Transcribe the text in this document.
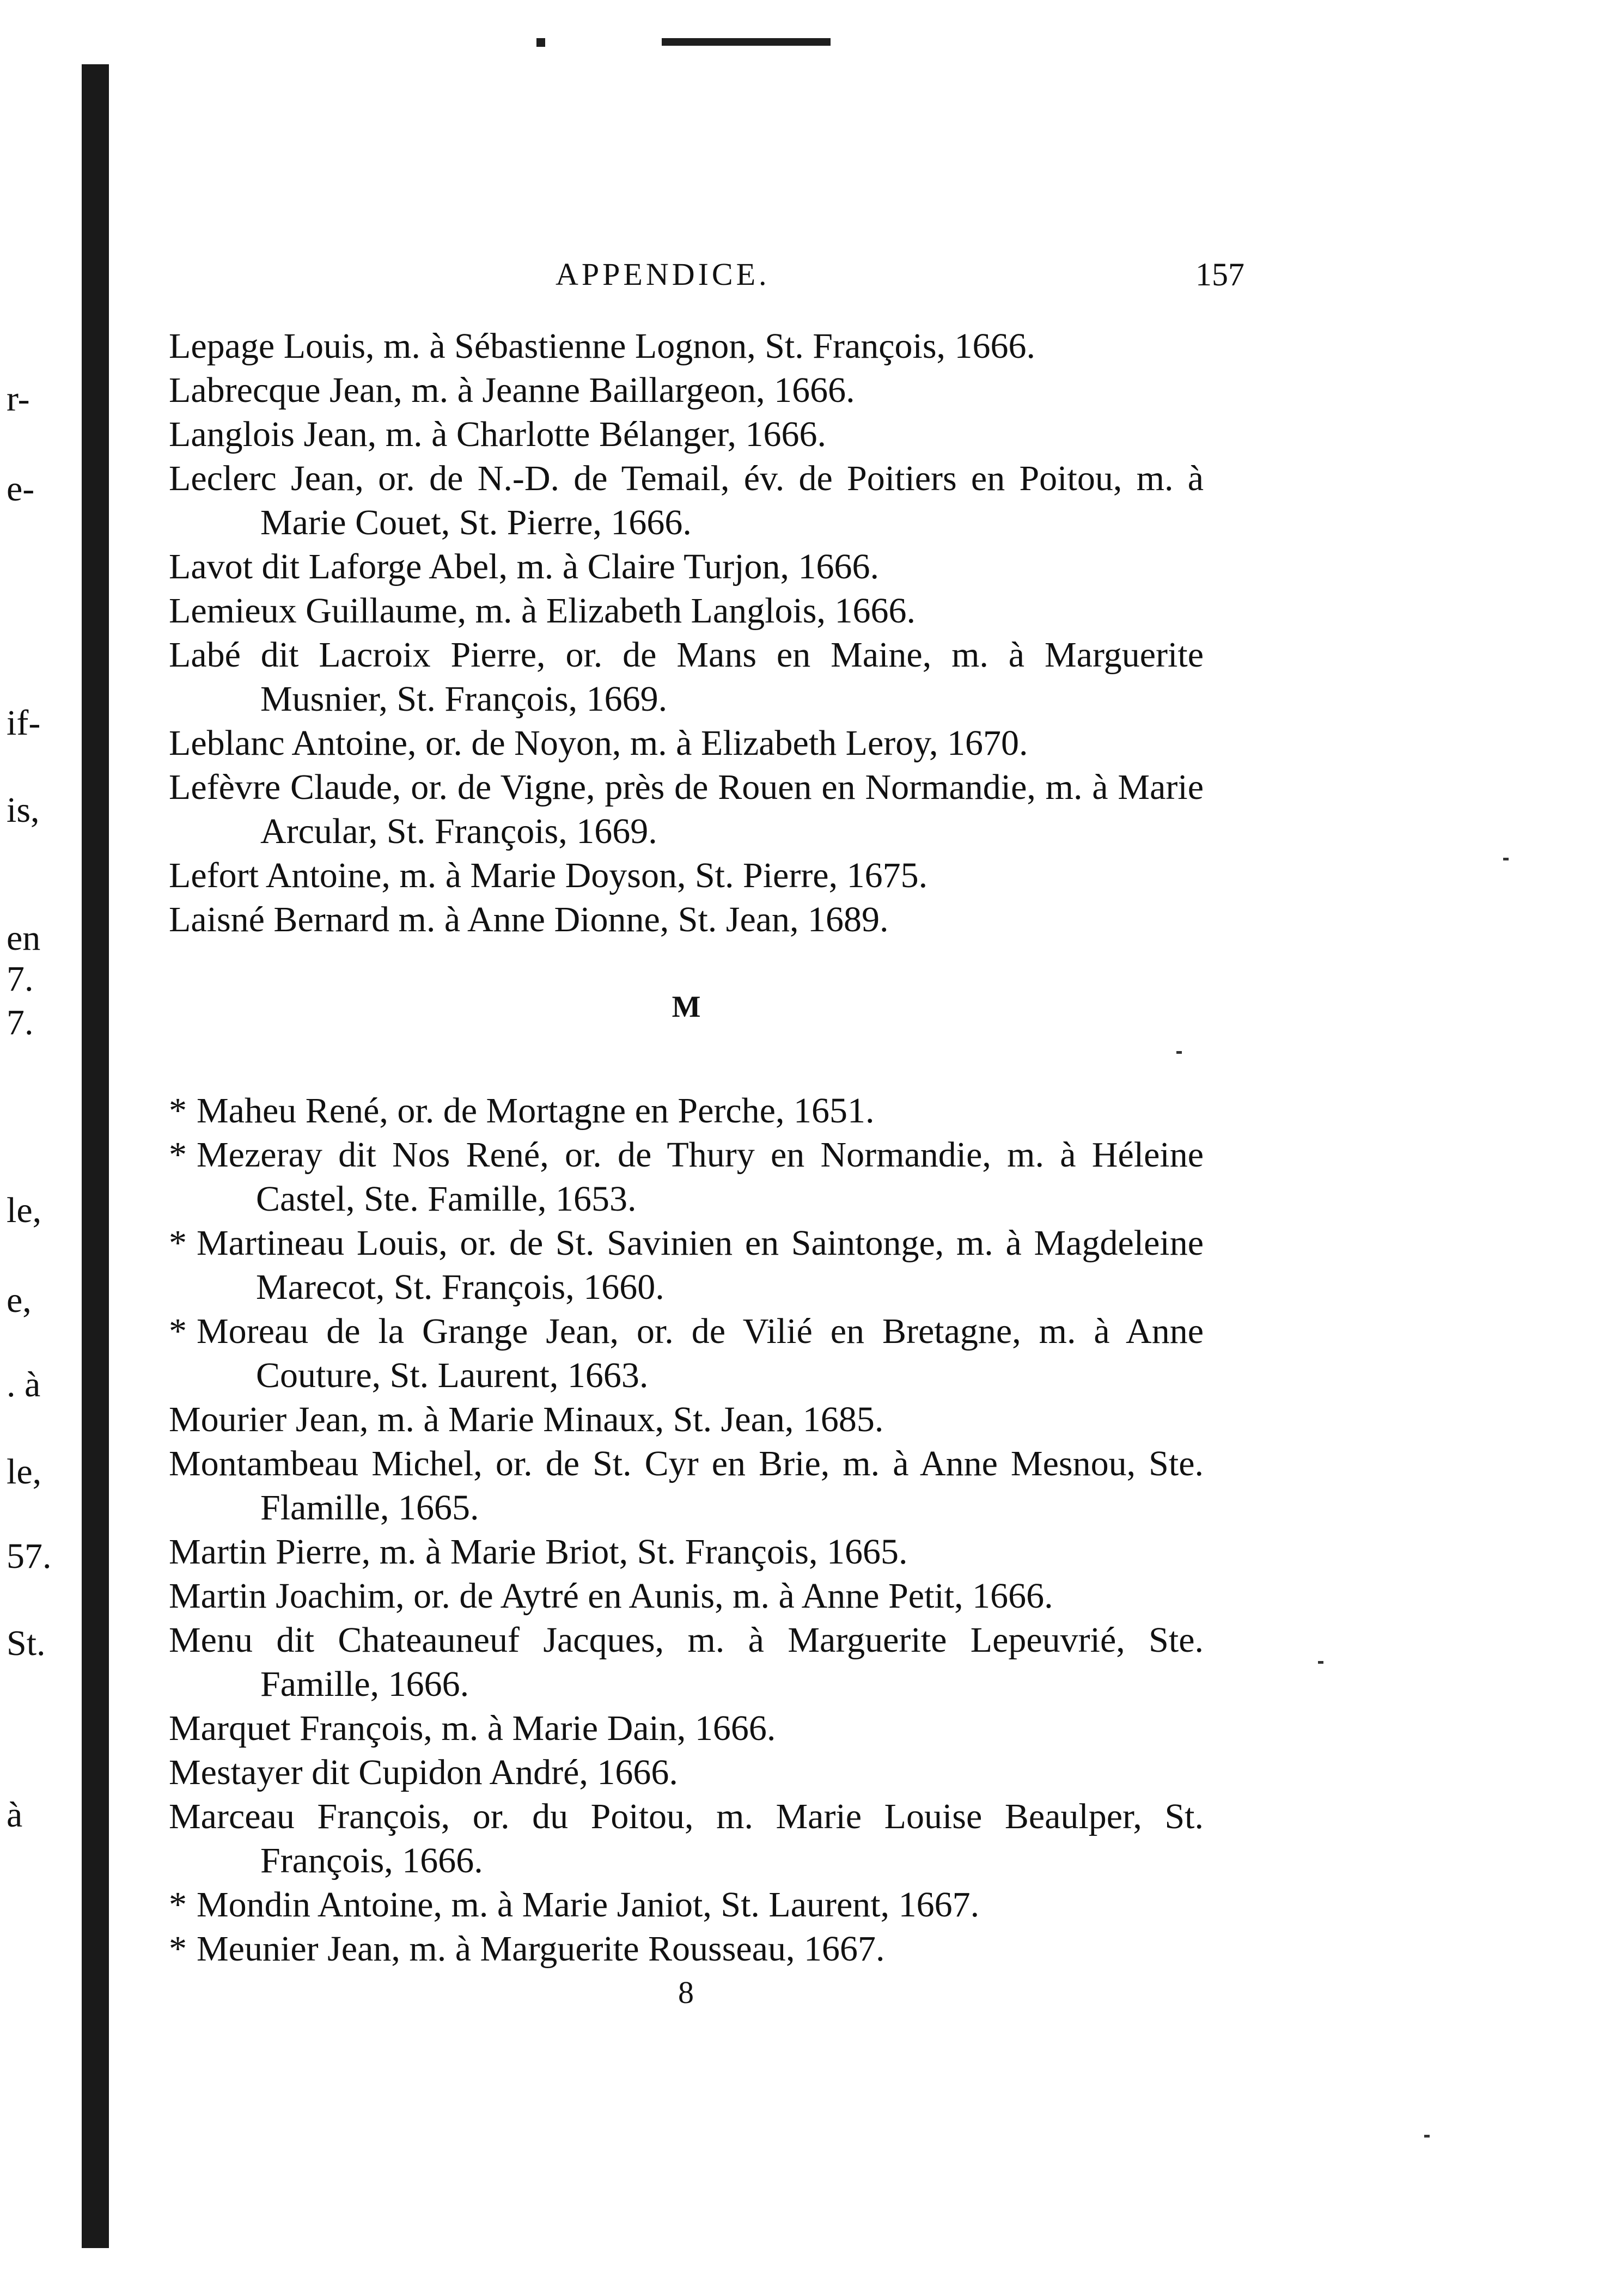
r-
e-
if-
is,
en
7.
7.
le,
e,
. à
le,
57.
St.
à
APPENDICE.	157
Lepage Louis, m. à Sébastienne Lognon, St. François, 1666.
Labrecque Jean, m. à Jeanne Baillargeon, 1666.
Langlois Jean, m. à Charlotte Bélanger, 1666.
Leclerc Jean, or. de N.-D. de Temail, év. de Poitiers en Poitou, m. à Marie Couet, St. Pierre, 1666.
Lavot dit Laforge Abel, m. à Claire Turjon, 1666.
Lemieux Guillaume, m. à Elizabeth Langlois, 1666.
Labé dit Lacroix Pierre, or. de Mans en Maine, m. à Marguerite Musnier, St. François, 1669.
Leblanc Antoine, or. de Noyon, m. à Elizabeth Leroy, 1670.
Lefèvre Claude, or. de Vigne, près de Rouen en Normandie, m. à Marie Arcular, St. François, 1669.
Lefort Antoine, m. à Marie Doyson, St. Pierre, 1675.
Laisné Bernard m. à Anne Dionne, St. Jean, 1689.
M
* Maheu René, or. de Mortagne en Perche, 1651.
* Mezeray dit Nos René, or. de Thury en Normandie, m. à Héleine Castel, Ste. Famille, 1653.
* Martineau Louis, or. de St. Savinien en Saintonge, m. à Magdeleine Marecot, St. François, 1660.
* Moreau de la Grange Jean, or. de Vilié en Bretagne, m. à Anne Couture, St. Laurent, 1663.
Mourier Jean, m. à Marie Minaux, St. Jean, 1685.
Montambeau Michel, or. de St. Cyr en Brie, m. à Anne Mesnou, Ste. Flamille, 1665.
Martin Pierre, m. à Marie Briot, St. François, 1665.
Martin Joachim, or. de Aytré en Aunis, m. à Anne Petit, 1666.
Menu dit Chateauneuf Jacques, m. à Marguerite Lepeuvrié, Ste. Famille, 1666.
Marquet François, m. à Marie Dain, 1666.
Mestayer dit Cupidon André, 1666.
Marceau François, or. du Poitou, m. Marie Louise Beaulper, St. François, 1666.
* Mondin Antoine, m. à Marie Janiot, St. Laurent, 1667.
* Meunier Jean, m. à Marguerite Rousseau, 1667.
8
